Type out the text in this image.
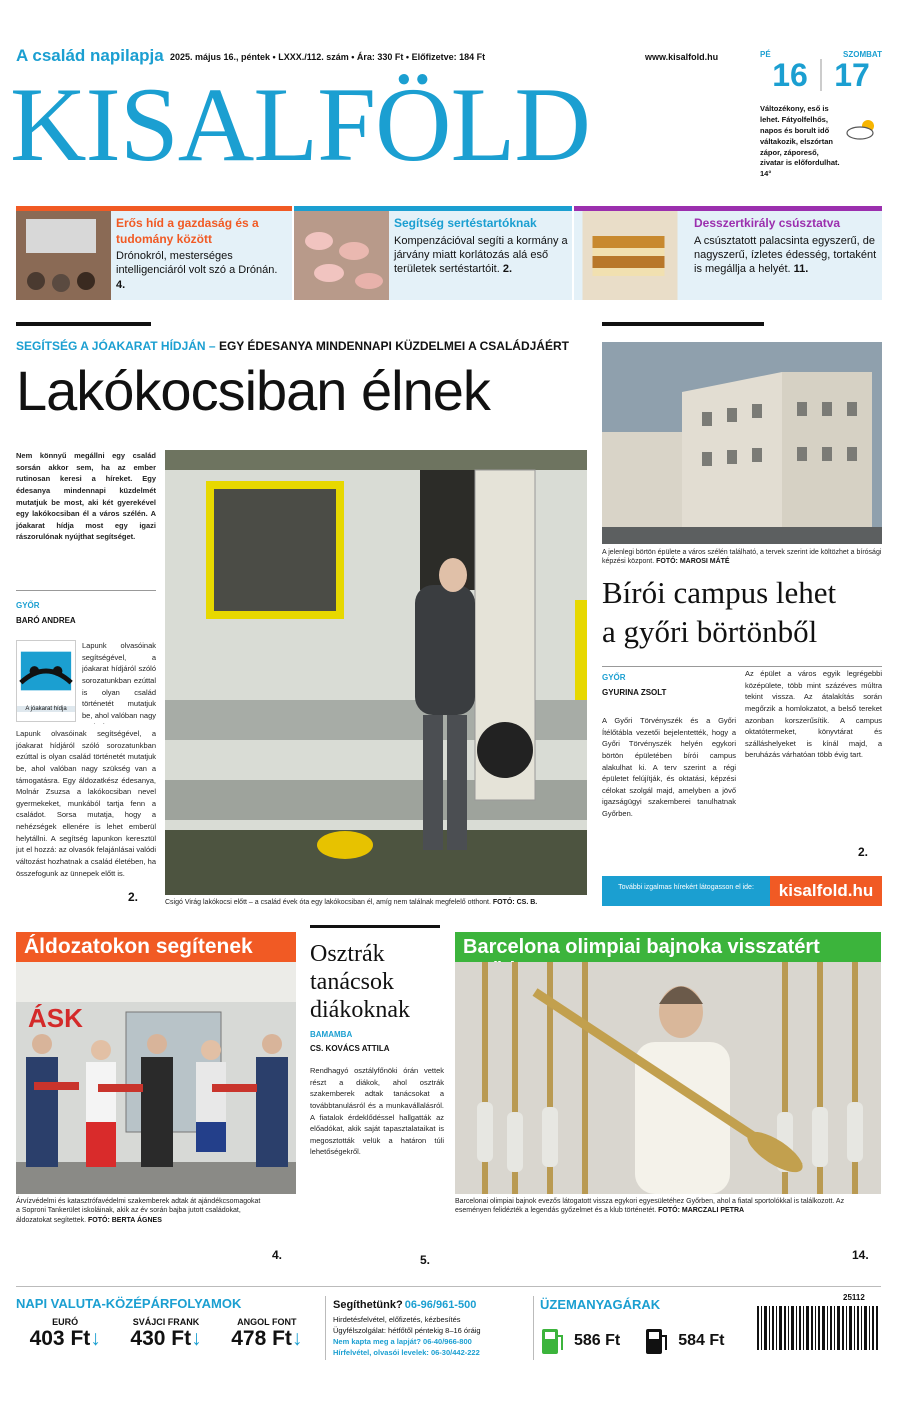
A család napilapja 2025. május 16., péntek • LXXX./112. szám • Ára: 330 Ft • Előfizetve: 184 Ft	www.kisalfold.hu
KISALFÖLD
PÉ	SZOMBAT
16 17
Változékony, eső is lehet. Fátyolfelhős, napos és borult idő váltakozik, elszórtan zápor, záporeső, zivatar is előfordulhat. 14°
Erős híd a gazdaság és a tudomány között
Drónokról, mesterséges intelligenciáról volt szó a Drónán. 4.
Segítség sertéstartóknak
Kompenzációval segíti a kormány a járvány miatt korlátozás alá eső területek sertéstartóit. 2.
Desszertkirály csúsztatva
A csúsztatott palacsinta egyszerű, de nagyszerű, ízletes édesség, tortaként is megállja a helyét. 11.
SEGÍTSÉG A JÓAKARAT HÍDJÁN – EGY ÉDESANYA MINDENNAPI KÜZDELMEI A CSALÁDJÁÉRT
Lakókocsiban élnek
Nem könnyű megállni egy család sorsán akkor sem, ha az ember rutinosan keresi a híreket. Egy édesanya mindennapi küzdelmét mutatjuk be most, aki két gyerekével egy lakókocsiban él a város szélén. A jóakarat hídja most egy igazi rászorulónak nyújthat segítséget.
GYŐR
BARÓ ANDREA
A jóakarat hídja
Lapunk olvasóinak segítségével, a jóakarat hídjáról szóló sorozatunkban ezúttal is olyan család történetét mutatjuk be, ahol valóban nagy
Lapunk olvasóinak segítségével, a jóakarat hídjáról szóló sorozatunkban ezúttal is olyan család történetét mutatjuk be, ahol valóban nagy szükség van a támogatásra. Egy áldozatkész édesanya, Molnár Zsuzsa a lakókocsiban nevel gyermekeket, munkából tartja fenn a családot. Sorsa mutatja, hogy a nehézségek ellenére is lehet emberül helytállni. A segítség lapunkon keresztül jut el hozzá: az olvasók felajánlásai valódi változást hozhatnak a család életében, ha összefogunk az ünnepek előtt is.
2.	Csigó Virág lakókocsi előtt – a család évek óta egy lakókocsiban él, amíg nem találnak megfelelő otthont. FOTÓ: CS. B.
A jelenlegi börtön épülete a város szélén található, a tervek szerint ide költözhet a bírósági képzési központ. FOTÓ: MAROSI MÁTÉ
Bírói campus lehet
a győri börtönből
GYŐR
GYURINA ZSOLT
A Győri Törvényszék és a Győri Ítélőtábla vezetői bejelentették, hogy a Győri Törvényszék helyén egykori börtön épületében bírói campus alakulhat ki. A terv szerint a régi épületet felújítják, és oktatási, képzési célokat szolgál majd, amelyben a jövő igazságügyi szakemberei tanulhatnak Győrben.
Az épület a város egyik legrégebbi középülete, több mint százéves múltra tekint vissza. Az átalakítás során megőrzik a homlokzatot, a belső tereket azonban korszerűsítik. A campus oktatótermeket, könyvtárat és szálláshelyeket is kínál majd, a beruházás várhatóan több évig tart.
2.
További izgalmas hírekért látogasson el ide:	kisalfold.hu
Áldozatokon segítenek
ÁSK
Árvízvédelmi és katasztrófavédelmi szakemberek adtak át ajándékcsomagokat a Soproni Tankerület iskoláinak, akik az év során bajba jutott családokat, áldozatokat segítettek. FOTÓ: BERTA ÁGNES
4.
Osztrák tanácsok diákoknak
BAMAMBA
CS. KOVÁCS ATTILA
Rendhagyó osztályfőnöki órán vettek részt a diákok, ahol osztrák szakemberek adtak tanácsokat a továbbtanulásról és a munkavállalásról. A fiatalok érdeklődéssel hallgatták az előadókat, akik saját tapasztalataikat is megosztották velük a határon túli lehetőségekről.
5.
Barcelona olimpiai bajnoka visszatért
Barcelonai olimpiai bajnok evezős látogatott vissza egykori egyesületéhez Győrben, ahol a fiatal sportolókkal is találkozott. Az eseményen felidézték a legendás győzelmet és a klub történetét. FOTÓ: MARCZALI PETRA
14.
NAPI VALUTA-KÖZÉPÁRFOLYAMOK
EURÓ
403 Ft↓
SVÁJCI FRANK
430 Ft↓
ANGOL FONT
478 Ft↓
Segíthetünk? 06-96/961-500
Hirdetésfelvétel, előfizetés, kézbesítés
Ügyfélszolgálat: hétfőtől péntekig 8–16 óráig
Nem kapta meg a lapját? 06-40/966-800
Hírfelvétel, olvasói levelek: 06-30/442-222
ÜZEMANYAGÁRAK
586 Ft	584 Ft
25112
